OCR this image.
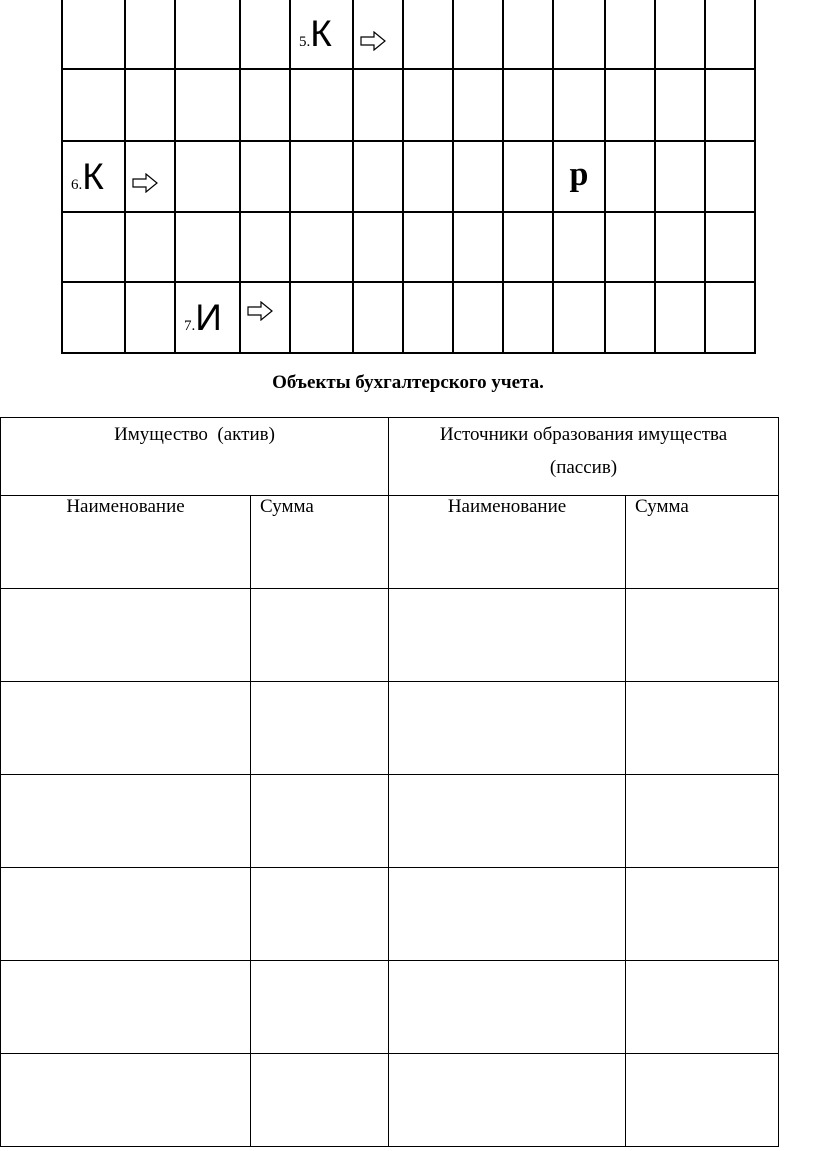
				5.К

6.К									р			

		7.И

Объекты бухгалтерского учета.
Имущество  (актив)		Источники образования имущества (пассив)	
Наименование	Сумма	Наименование	Сумма
